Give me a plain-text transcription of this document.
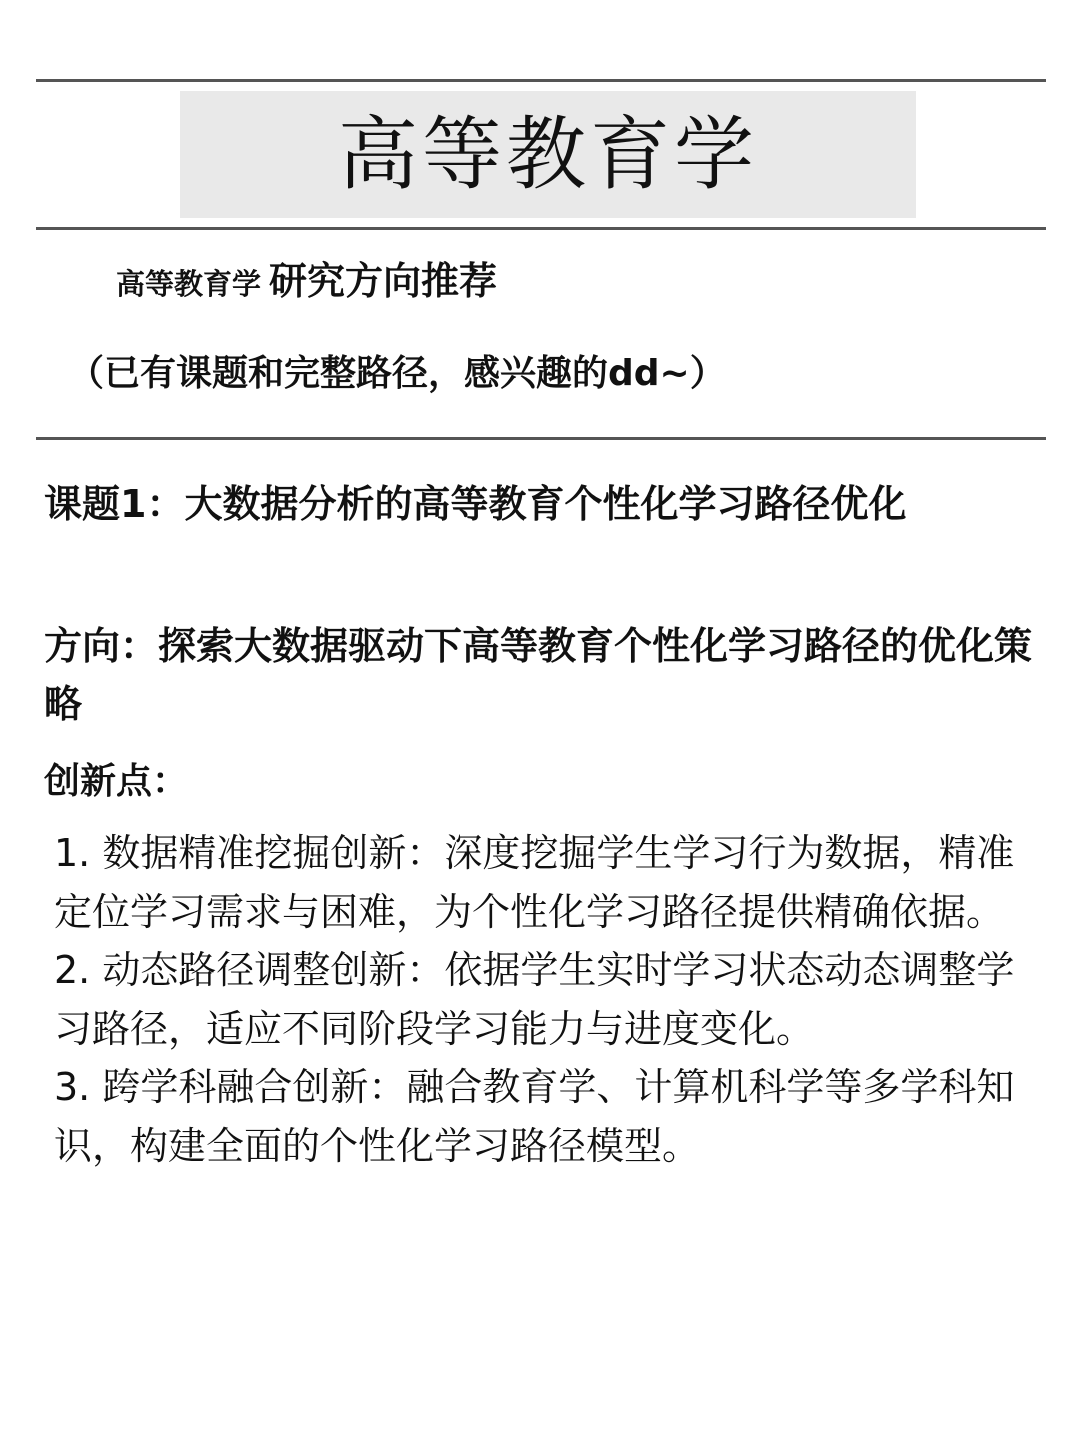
高等教育学
高等教育学 研究方向推荐
（已有课题和完整路径，感兴趣的dd~）
课题1：大数据分析的高等教育个性化学习路径优化
方向：探索大数据驱动下高等教育个性化学习路径的优化策略
创新点：
1. 数据精准挖掘创新：深度挖掘学生学习行为数据，精准定位学习需求与困难，为个性化学习路径提供精确依据。
2. 动态路径调整创新：依据学生实时学习状态动态调整学习路径，适应不同阶段学习能力与进度变化。
3. 跨学科融合创新：融合教育学、计算机科学等多学科知识，构建全面的个性化学习路径模型。
